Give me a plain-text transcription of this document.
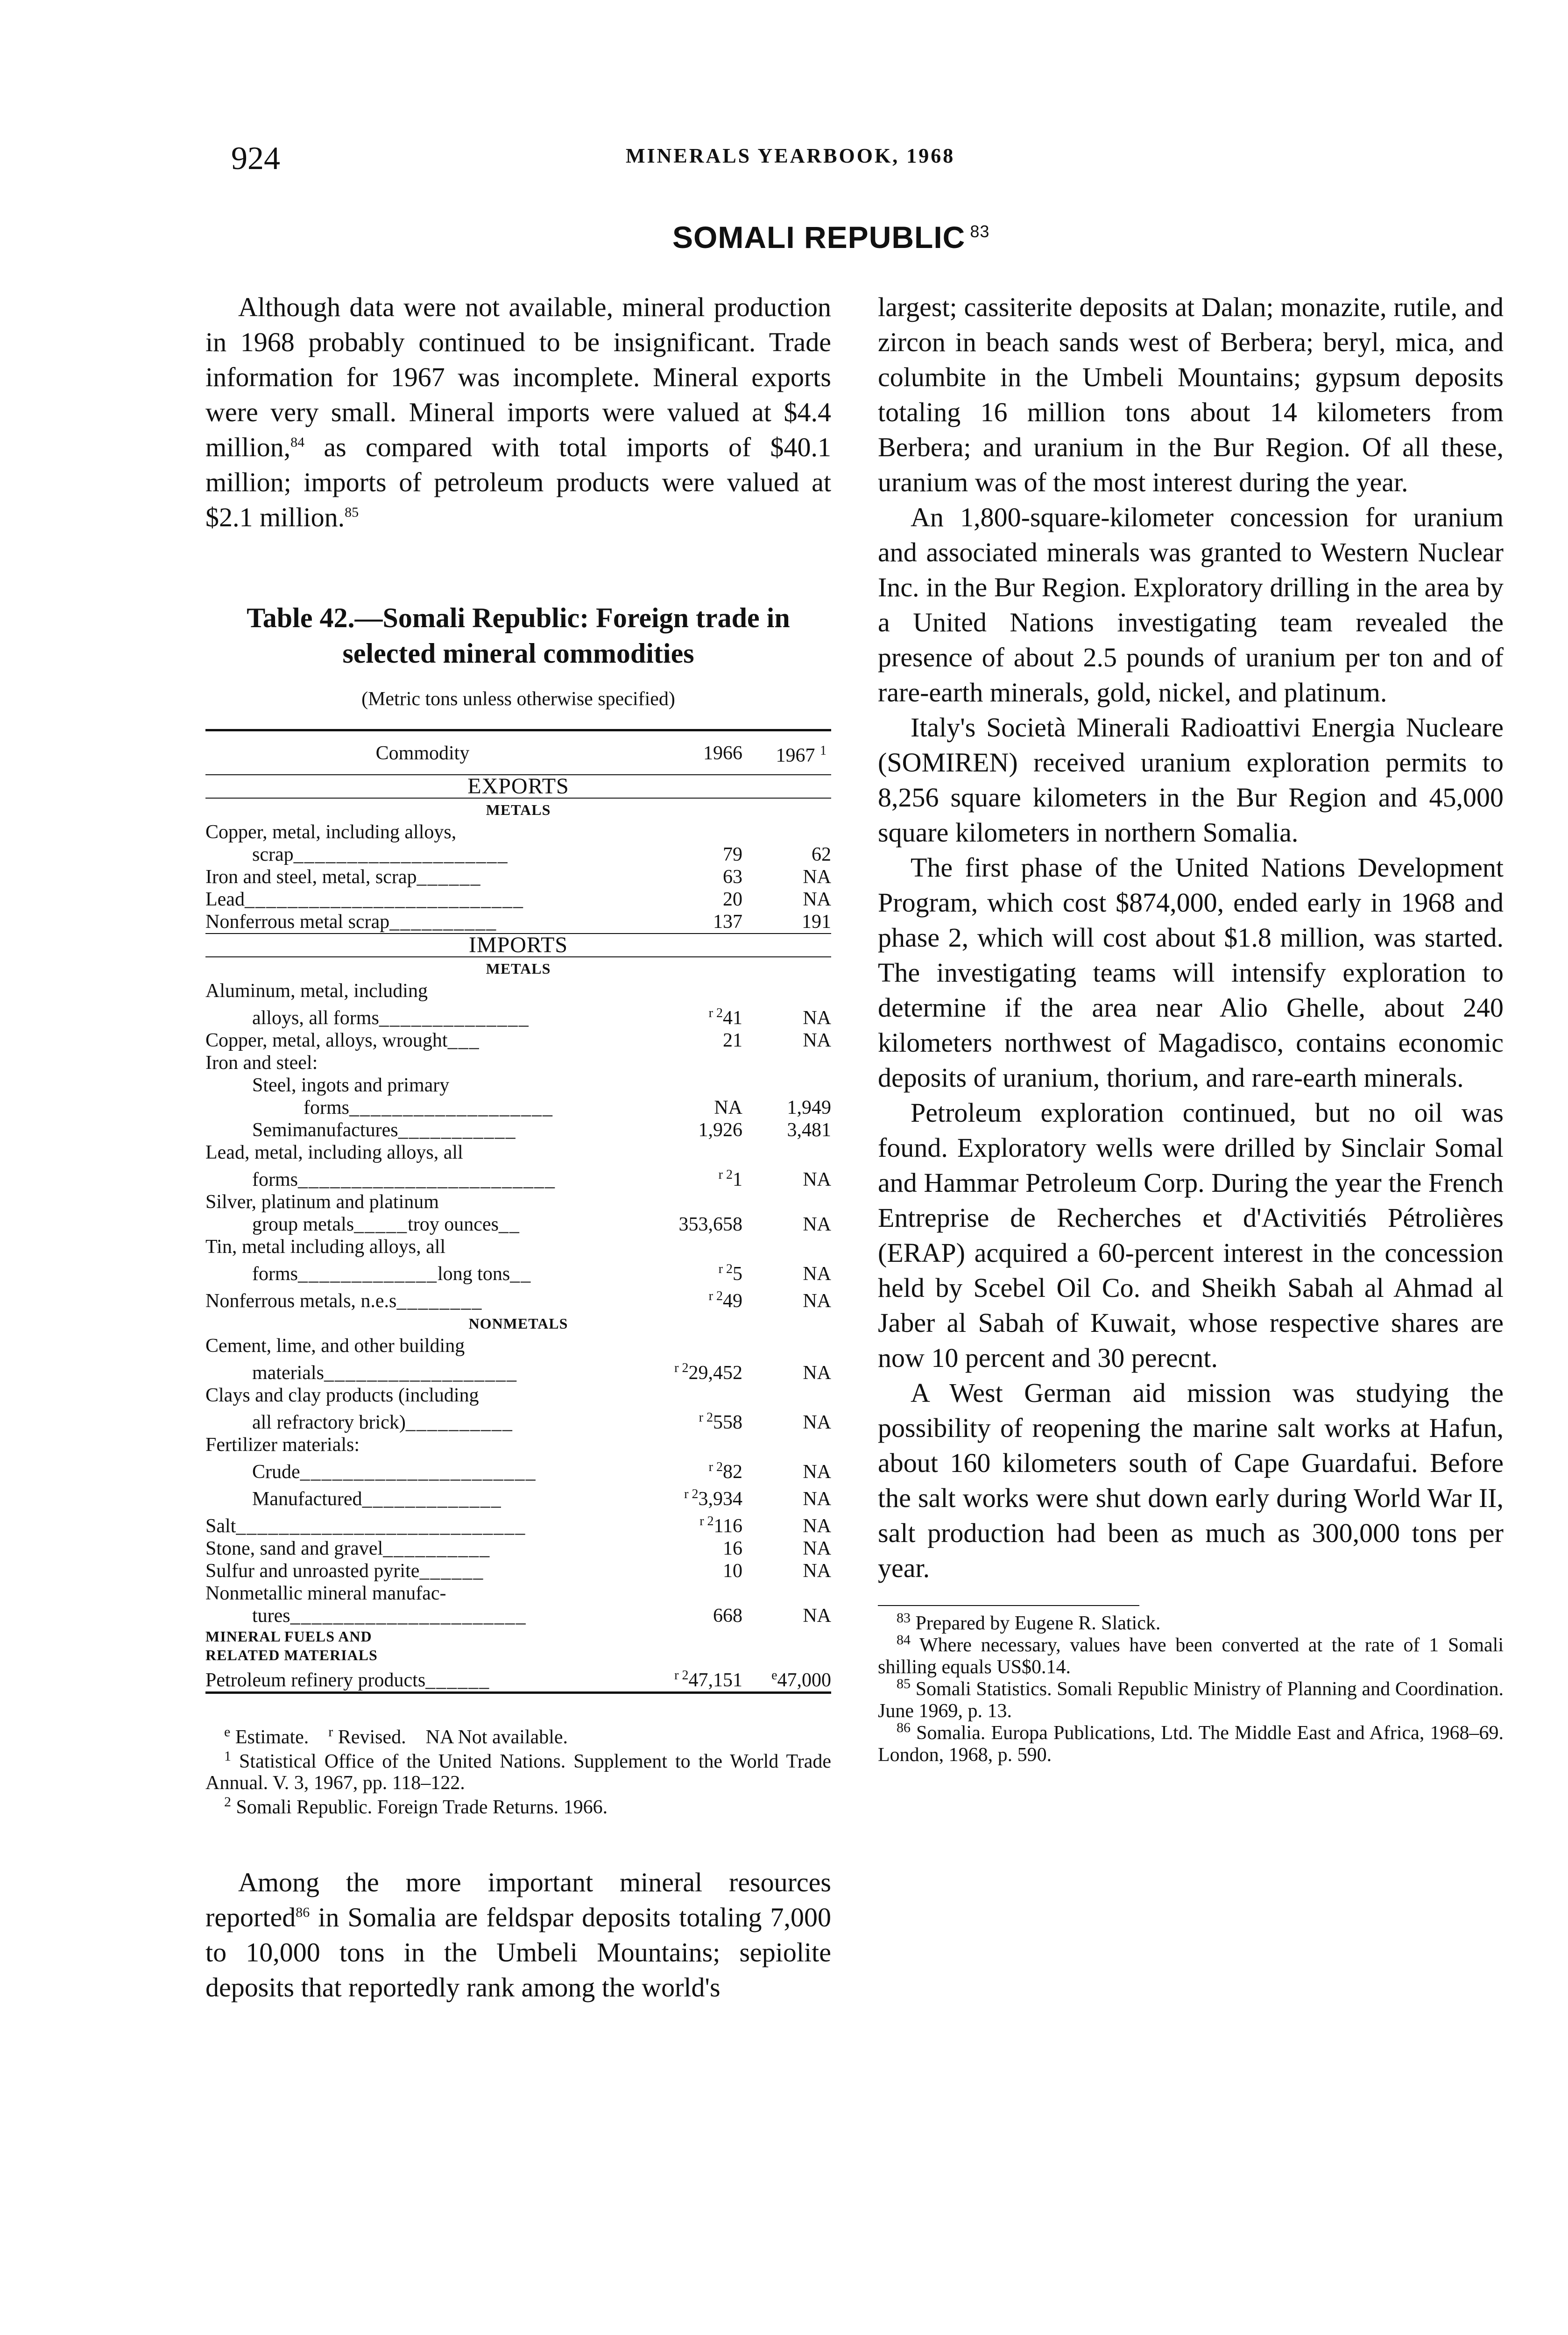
924	MINERALS YEARBOOK, 1968
SOMALI REPUBLIC $^{83}$

Although data were not available, mineral production in 1968 probably continued to be insignificant. Trade information for 1967 was incomplete. Mineral exports were very small. Mineral imports were valued at $4.4 million,$^{84}$ as compared with total imports of $40.1 million; imports of petroleum products were valued at $2.1 million.$^{85}$

Table 42.—Somali Republic: Foreign trade in selected mineral commodities
(Metric tons unless otherwise specified)
Commodity	1966	1967 $^1$
EXPORTS		
METALS		
Copper, metal, including alloys,		
scrap____________________	79	62
Iron and steel, metal, scrap______	63	NA
Lead__________________________	20	NA
Nonferrous metal scrap__________	137	191
IMPORTS		
METALS		
Aluminum, metal, including		
alloys, all forms______________	$^{r 2}$41	NA
Copper, metal, alloys, wrought___	21	NA
Iron and steel:		
Steel, ingots and primary		
forms___________________	NA	1,949
Semimanufactures___________	1,926	3,481
Lead, metal, including alloys, all		
forms________________________	$^{r 2}$1	NA
Silver, platinum and platinum		
group metals_____troy ounces__	353,658	NA
Tin, metal including alloys, all		
forms_____________long tons__	$^{r 2}$5	NA
Nonferrous metals, n.e.s________	$^{r 2}$49	NA
NONMETALS		
Cement, lime, and other building		
materials__________________	$^{r 2}$29,452	NA
Clays and clay products (including		
all refractory brick)__________	$^{r 2}$558	NA
Fertilizer materials:		
Crude______________________	$^{r 2}$82	NA
Manufactured_____________	$^{r 2}$3,934	NA
Salt___________________________	$^{r 2}$116	NA
Stone, sand and gravel__________	16	NA
Sulfur and unroasted pyrite______	10	NA
Nonmetallic mineral manufac-		
tures______________________	668	NA
MINERAL FUELS AND
RELATED MATERIALS		
Petroleum refinery products______	$^{r 2}$47,151	$^e$47,000

$^e$ Estimate. $^r$ Revised. NA Not available.

$^1$ Statistical Office of the United Nations. Supplement to the World Trade Annual. V. 3, 1967, pp. 118–122.

$^2$ Somali Republic. Foreign Trade Returns. 1966.

Among the more important mineral resources reported$^{86}$ in Somalia are feldspar deposits totaling 7,000 to 10,000 tons in the Umbeli Mountains; sepiolite deposits that reportedly rank among the world's

largest; cassiterite deposits at Dalan; monazite, rutile, and zircon in beach sands west of Berbera; beryl, mica, and columbite in the Umbeli Mountains; gypsum deposits totaling 16 million tons about 14 kilometers from Berbera; and uranium in the Bur Region. Of all these, uranium was of the most interest during the year.

An 1,800-square-kilometer concession for uranium and associated minerals was granted to Western Nuclear Inc. in the Bur Region. Exploratory drilling in the area by a United Nations investigating team revealed the presence of about 2.5 pounds of uranium per ton and of rare-earth minerals, gold, nickel, and platinum.

Italy's Società Minerali Radioattivi Energia Nucleare (SOMIREN) received uranium exploration permits to 8,256 square kilometers in the Bur Region and 45,000 square kilometers in northern Somalia.

The first phase of the United Nations Development Program, which cost $874,000, ended early in 1968 and phase 2, which will cost about $1.8 million, was started. The investigating teams will intensify exploration to determine if the area near Alio Ghelle, about 240 kilometers northwest of Magadisco, contains economic deposits of uranium, thorium, and rare-earth minerals.

Petroleum exploration continued, but no oil was found. Exploratory wells were drilled by Sinclair Somal and Hammar Petroleum Corp. During the year the French Entreprise de Recherches et d'Activitiés Pétrolières (ERAP) acquired a 60-percent interest in the concession held by Scebel Oil Co. and Sheikh Sabah al Ahmad al Jaber al Sabah of Kuwait, whose respective shares are now 10 percent and 30 perecnt.

A West German aid mission was studying the possibility of reopening the marine salt works at Hafun, about 160 kilometers south of Cape Guardafui. Before the salt works were shut down early during World War II, salt production had been as much as 300,000 tons per year.

$^{83}$ Prepared by Eugene R. Slatick.

$^{84}$ Where necessary, values have been converted at the rate of 1 Somali shilling equals US$0.14.

$^{85}$ Somali Statistics. Somali Republic Ministry of Planning and Coordination. June 1969, p. 13.

$^{86}$ Somalia. Europa Publications, Ltd. The Middle East and Africa, 1968–69. London, 1968, p. 590.
